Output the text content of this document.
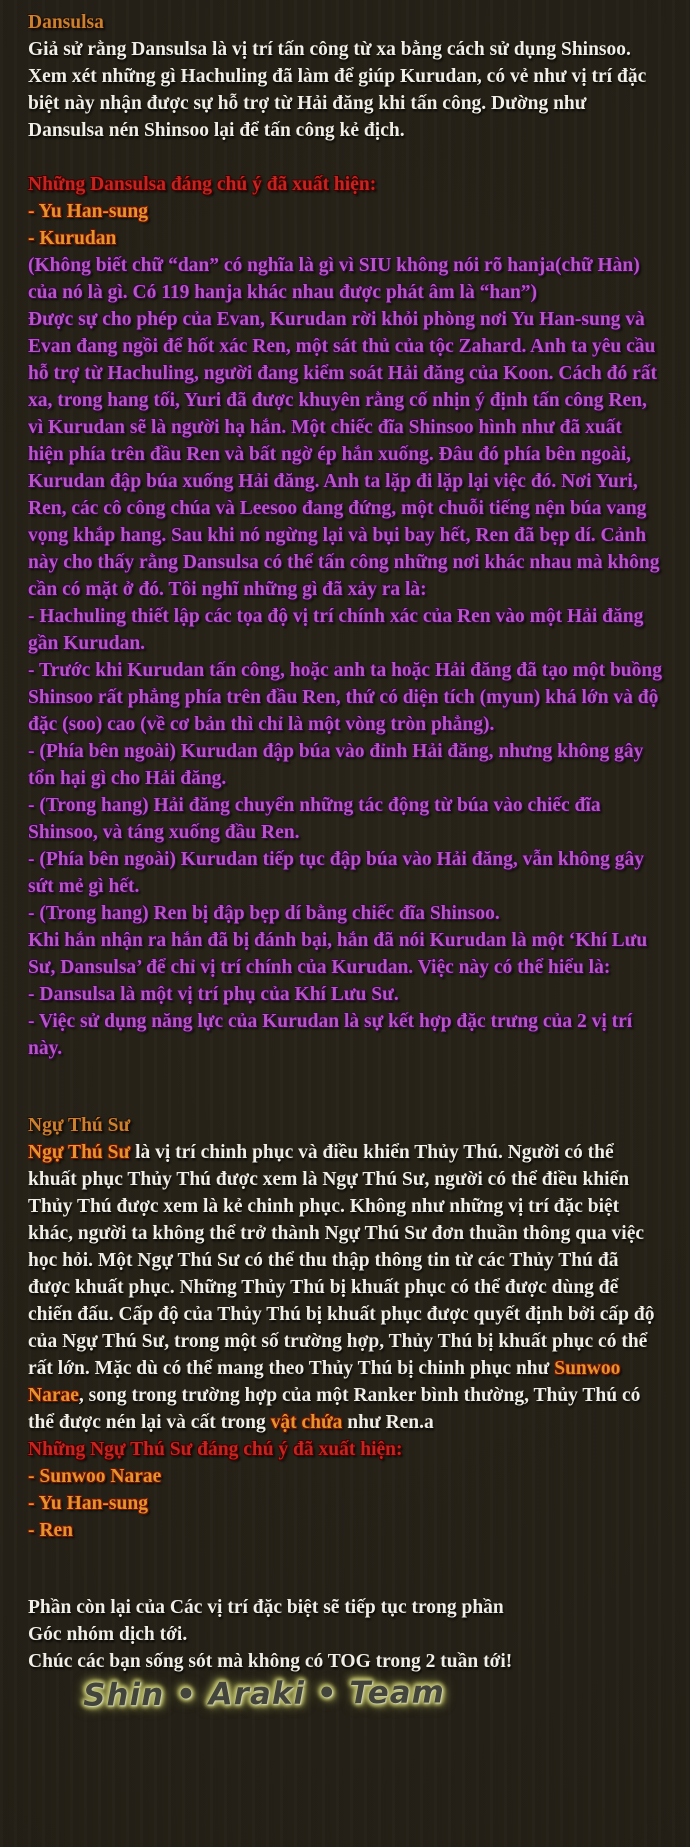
Dansulsa

Giả sử rằng Dansulsa là vị trí tấn công từ xa bằng cách sử dụng Shinsoo. Xem xét những gì Hachuling đã làm để giúp Kurudan, có vẻ như vị trí đặc biệt này nhận được sự hỗ trợ từ Hải đăng khi tấn công. Dường như Dansulsa nén Shinsoo lại để tấn công kẻ địch.

Những Dansulsa đáng chú ý đã xuất hiện:

- Yu Han-sung

- Kurudan

(Không biết chữ “dan” có nghĩa là gì vì SIU không nói rõ hanja(chữ Hàn) của nó là gì. Có 119 hanja khác nhau được phát âm là “han”)

Được sự cho phép của Evan, Kurudan rời khỏi phòng nơi Yu Han-sung và Evan đang ngồi để hốt xác Ren, một sát thủ của tộc Zahard. Anh ta yêu cầu hỗ trợ từ Hachuling, người đang kiểm soát Hải đăng của Koon. Cách đó rất xa, trong hang tối, Yuri đã được khuyên rằng cố nhịn ý định tấn công Ren, vì Kurudan sẽ là người hạ hắn. Một chiếc đĩa Shinsoo hình như đã xuất hiện phía trên đầu Ren và bất ngờ ép hắn xuống. Đâu đó phía bên ngoài, Kurudan đập búa xuống Hải đăng. Anh ta lặp đi lặp lại việc đó. Nơi Yuri, Ren, các cô công chúa và Leesoo đang đứng, một chuỗi tiếng nện búa vang vọng khắp hang. Sau khi nó ngừng lại và bụi bay hết, Ren đã bẹp dí. Cảnh này cho thấy rằng Dansulsa có thể tấn công những nơi khác nhau mà không cần có mặt ở đó. Tôi nghĩ những gì đã xảy ra là:

- Hachuling thiết lập các tọa độ vị trí chính xác của Ren vào một Hải đăng gần Kurudan.

- Trước khi Kurudan tấn công, hoặc anh ta hoặc Hải đăng đã tạo một buồng Shinsoo rất phẳng phía trên đầu Ren, thứ có diện tích (myun) khá lớn và độ đặc (soo) cao (về cơ bản thì chỉ là một vòng tròn phẳng).

- (Phía bên ngoài) Kurudan đập búa vào đỉnh Hải đăng, nhưng không gây tổn hại gì cho Hải đăng.

- (Trong hang) Hải đăng chuyển những tác động từ búa vào chiếc đĩa Shinsoo, và táng xuống đầu Ren.

- (Phía bên ngoài) Kurudan tiếp tục đập búa vào Hải đăng, vẫn không gây sứt mẻ gì hết.

- (Trong hang) Ren bị đập bẹp dí bằng chiếc đĩa Shinsoo.

Khi hắn nhận ra hắn đã bị đánh bại, hắn đã nói Kurudan là một ‘Khí Lưu Sư, Dansulsa’ để chỉ vị trí chính của Kurudan. Việc này có thể hiểu là:

- Dansulsa là một vị trí phụ của Khí Lưu Sư.

- Việc sử dụng năng lực của Kurudan là sự kết hợp đặc trưng của 2 vị trí này.

Ngự Thú Sư

Ngự Thú Sư là vị trí chinh phục và điều khiển Thủy Thú. Người có thể khuất phục Thủy Thú được xem là Ngự Thú Sư, người có thể điều khiển Thủy Thú được xem là kẻ chinh phục. Không như những vị trí đặc biệt khác, người ta không thể trở thành Ngự Thú Sư đơn thuần thông qua việc học hỏi. Một Ngự Thú Sư có thể thu thập thông tin từ các Thủy Thú đã được khuất phục. Những Thủy Thú bị khuất phục có thể được dùng để chiến đấu. Cấp độ của Thủy Thú bị khuất phục được quyết định bởi cấp độ của Ngự Thú Sư, trong một số trường hợp, Thủy Thú bị khuất phục có thể rất lớn. Mặc dù có thể mang theo Thủy Thú bị chinh phục như Sunwoo Narae, song trong trường hợp của một Ranker bình thường, Thủy Thú có thể được nén lại và cất trong vật chứa như Ren.a

Những Ngự Thú Sư đáng chú ý đã xuất hiện:

- Sunwoo Narae

- Yu Han-sung

- Ren

Phần còn lại của Các vị trí đặc biệt sẽ tiếp tục trong phần

Góc nhóm dịch tới.

Chúc các bạn sống sót mà không có TOG trong 2 tuần tới!

Shin • Araki • Team
